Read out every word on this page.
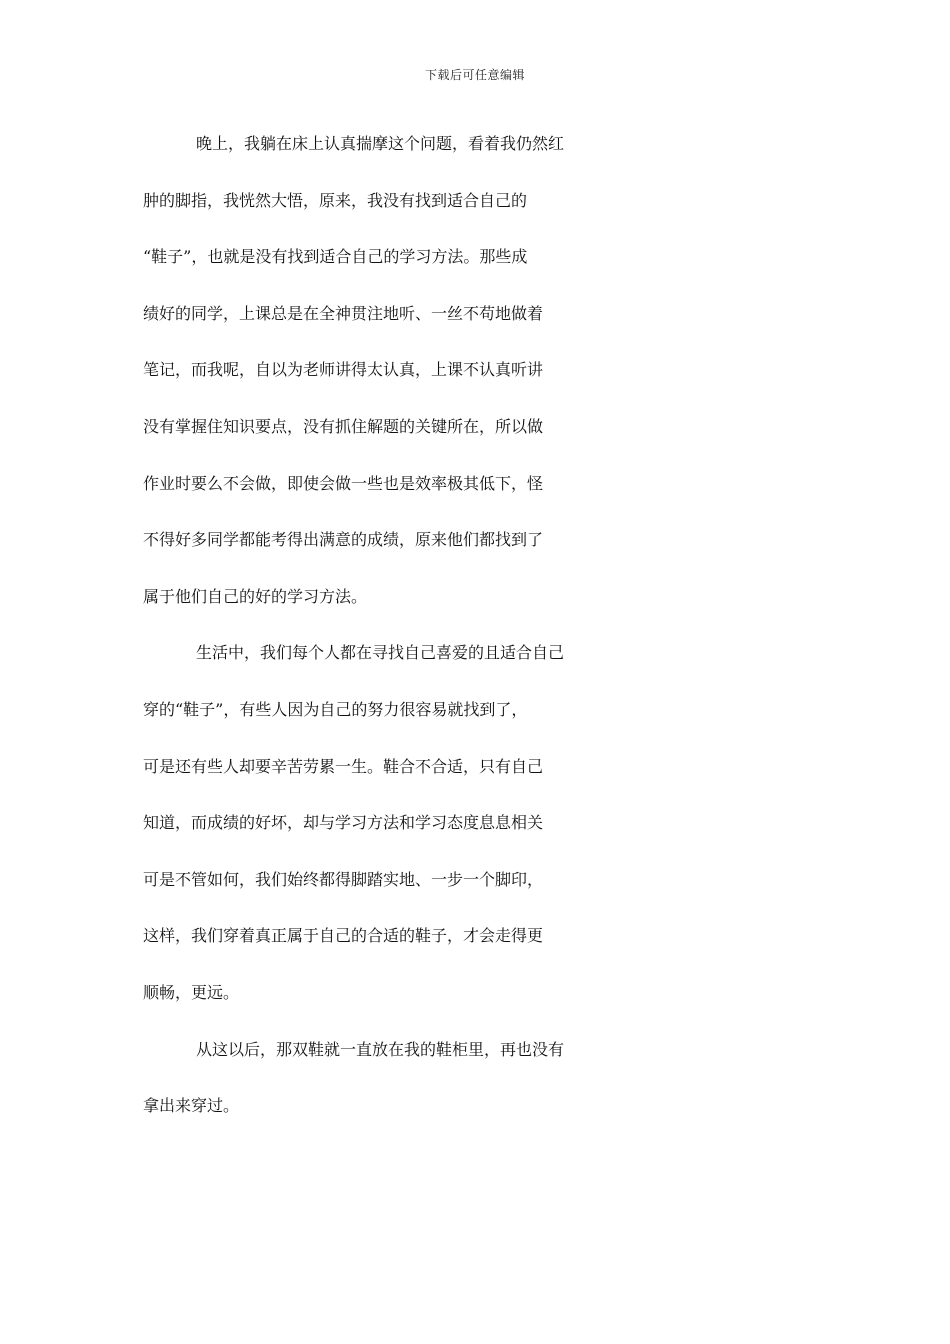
下载后可任意编辑
晚上，我躺在床上认真揣摩这个问题，看着我仍然红
肿的脚指，我恍然大悟，原来，我没有找到适合自己的
“鞋子”，也就是没有找到适合自己的学习方法。那些成
绩好的同学，上课总是在全神贯注地听、一丝不苟地做着
笔记，而我呢，自以为老师讲得太认真，上课不认真听讲
没有掌握住知识要点，没有抓住解题的关键所在，所以做
作业时要么不会做，即使会做一些也是效率极其低下，怪
不得好多同学都能考得出满意的成绩，原来他们都找到了
属于他们自己的好的学习方法。
生活中，我们每个人都在寻找自己喜爱的且适合自己
穿的“鞋子”，有些人因为自己的努力很容易就找到了，
可是还有些人却要辛苦劳累一生。鞋合不合适，只有自己
知道，而成绩的好坏，却与学习方法和学习态度息息相关
可是不管如何，我们始终都得脚踏实地、一步一个脚印，
这样，我们穿着真正属于自己的合适的鞋子，才会走得更
顺畅，更远。
从这以后，那双鞋就一直放在我的鞋柜里，再也没有
拿出来穿过。
